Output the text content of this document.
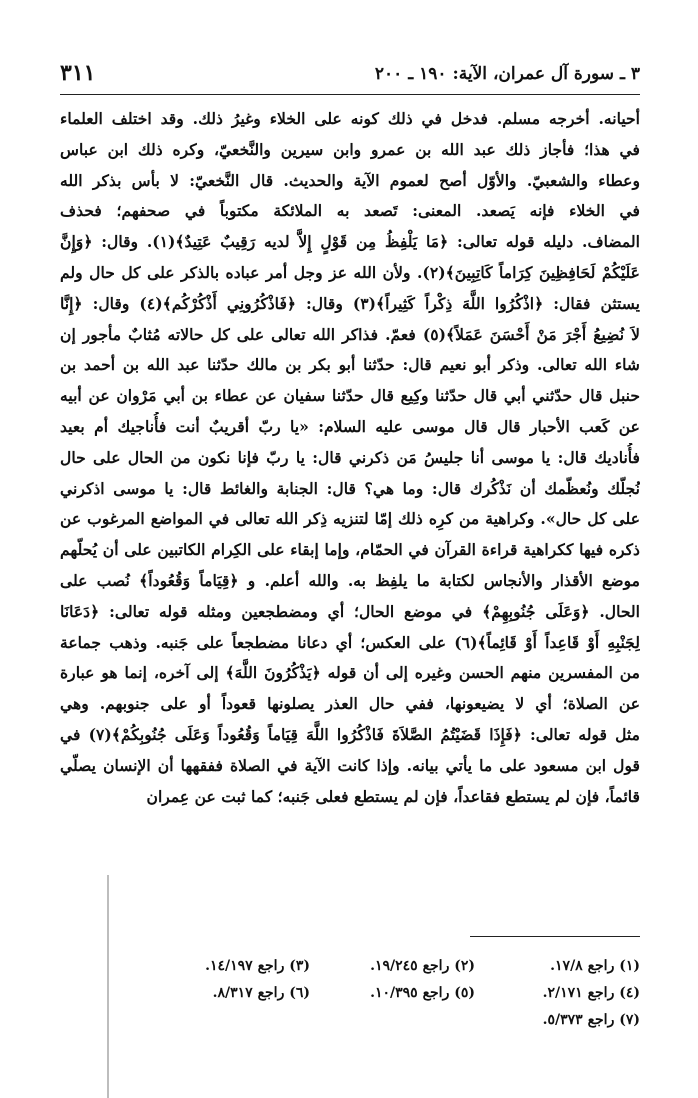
٣ ـ سورة آل عمران، الآية: ١٩٠ ـ ٢٠٠
٣١١
أحيانه. أخرجه مسلم. فدخل في ذلك كونه على الخلاء وغيرُ ذلك. وقد اختلف العلماء
في هذا؛ فأجاز ذلك عبد الله بن عمرو وابن سيرين والنَّخعيّ، وكره ذلك ابن عباس
وعطاء والشعبيّ. والأوّل أصح لعموم الآية والحديث. قال النَّخعيّ: لا بأس بذكر الله
في الخلاء فإنه يَصعد. المعنى: تَصعد به الملائكة مكتوباً في صحفهم؛ فحذف
المضاف. دليله قوله تعالى: ﴿مَا يَلْفِظُ مِن قَوْلٍ إِلاَّ لديه رَقِيبٌ عَتِيدٌ﴾(١). وقال: ﴿وَإِنَّ
عَلَيْكُمْ لَحَافِظِينَ كِرَاماً كَاتِبِينَ﴾(٢). ولأن الله عز وجل أمر عباده بالذكر على كل حال ولم
يستثن فقال: ﴿اذْكُرُوا اللَّهَ ذِكْراً كَثِيراً﴾(٣) وقال: ﴿فَاذْكُرُونِي أَذْكُرْكُم﴾(٤) وقال: ﴿إِنَّا
لاَ نُضِيعُ أَجْرَ مَنْ أَحْسَنَ عَمَلاً﴾(٥) فعمّ. فذاكر الله تعالى على كل حالاته مُثابٌ مأجور إن
شاء الله تعالى. وذكر أبو نعيم قال: حدّثنا أبو بكر بن مالك حدّثنا عبد الله بن أحمد بن
حنبل قال حدّثني أبي قال حدّثنا وكِيع قال حدّثنا سفيان عن عطاء بن أبي مَرْوان عن أبيه
عن كَعب الأحبار قال قال موسى عليه السلام: «يا ربّ أقريبٌ أنت فأُناجيك أم بعيد
فأُناديك قال: يا موسى أنا جليسُ مَن ذكرني قال: يا ربّ فإنا نكون من الحال على حال
نُجلّك ونُعظّمك أن نَذْكُرك قال: وما هي؟ قال: الجنابة والغائط قال: يا موسى اذكرني
على كل حال». وكراهية من كرِه ذلك إمّا لتنزيه ذِكر الله تعالى في المواضع المرغوب عن
ذكره فيها ككراهية قراءة القرآن في الحمّام، وإما إبقاء على الكِرام الكاتبين على أن يُحلّهم
موضع الأقذار والأنجاس لكتابة ما يلفِظ به. والله أعلم. و ﴿قِيَاماً وَقُعُوداً﴾ نُصب على
الحال. ﴿وَعَلَى جُنُوبِهِمْ﴾ في موضع الحال؛ أي ومضطجعين ومثله قوله تعالى: ﴿دَعَانَا
لِجَنْبِهِ أَوْ قَاعِداً أَوْ قَائِماً﴾(٦) على العكس؛ أي دعانا مضطجعاً على جَنبه. وذهب جماعة
من المفسرين منهم الحسن وغيره إلى أن قوله ﴿يَذْكُرُونَ اللَّهَ﴾ إلى آخره، إنما هو عبارة
عن الصلاة؛ أي لا يضيعونها، ففي حال العذر يصلونها قعوداً أو على جنوبهم. وهي
مثل قوله تعالى: ﴿فَإِذَا قَضَيْتُمُ الصَّلاَةَ فَاذْكُرُوا اللَّهَ قِيَاماً وَقُعُوداً وَعَلَى جُنُوبِكُمْ﴾(٧) في
قول ابن مسعود على ما يأتي بيانه. وإذا كانت الآية في الصلاة ففقهها أن الإنسان يصلّي
قائماً، فإن لم يستطع فقاعداً، فإن لم يستطع فعلى جَنبه؛ كما ثبت عن عِمران
(١) راجع ١٧/٨.
(٢) راجع ١٩/٢٤٥.
(٣) راجع ١٤/١٩٧.
(٤) راجع ٢/١٧١.
(٥) راجع ١٠/٣٩٥.
(٦) راجع ٨/٣١٧.
(٧) راجع ٥/٣٧٣.
